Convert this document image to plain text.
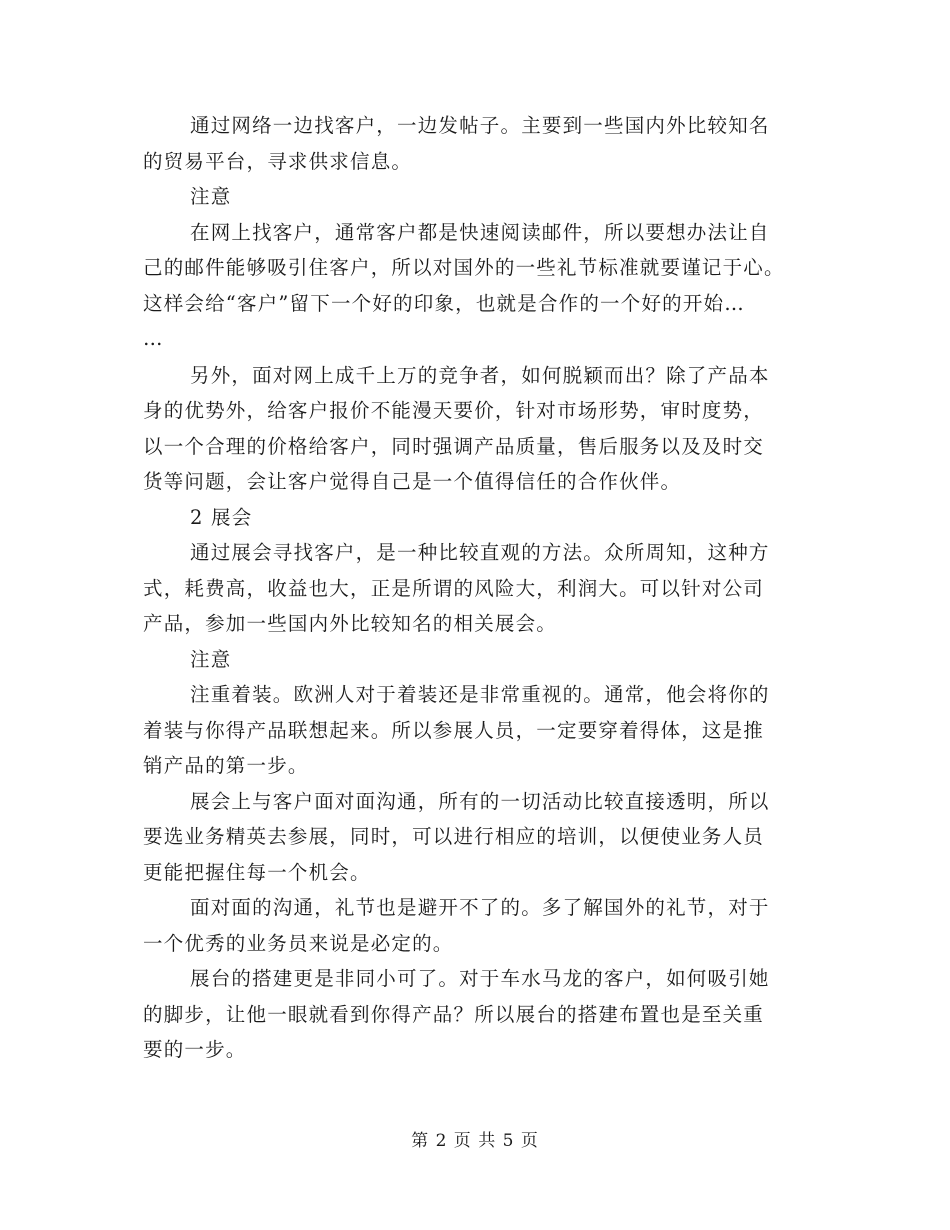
通过网络一边找客户，一边发帖子。主要到一些国内外比较知名
的贸易平台，寻求供求信息。
注意
在网上找客户，通常客户都是快速阅读邮件，所以要想办法让自
己的邮件能够吸引住客户，所以对国外的一些礼节标准就要谨记于心。
这样会给“客户”留下一个好的印象，也就是合作的一个好的开始…
…
另外，面对网上成千上万的竞争者，如何脱颖而出？除了产品本
身的优势外，给客户报价不能漫天要价，针对市场形势，审时度势，
以一个合理的价格给客户，同时强调产品质量，售后服务以及及时交
货等问题，会让客户觉得自己是一个值得信任的合作伙伴。
2 展会
通过展会寻找客户，是一种比较直观的方法。众所周知，这种方
式，耗费高，收益也大，正是所谓的风险大，利润大。可以针对公司
产品，参加一些国内外比较知名的相关展会。
注意
注重着装。欧洲人对于着装还是非常重视的。通常，他会将你的
着装与你得产品联想起来。所以参展人员，一定要穿着得体，这是推
销产品的第一步。
展会上与客户面对面沟通，所有的一切活动比较直接透明，所以
要选业务精英去参展，同时，可以进行相应的培训，以便使业务人员
更能把握住每一个机会。
面对面的沟通，礼节也是避开不了的。多了解国外的礼节，对于
一个优秀的业务员来说是必定的。
展台的搭建更是非同小可了。对于车水马龙的客户，如何吸引她
的脚步，让他一眼就看到你得产品？所以展台的搭建布置也是至关重
要的一步。
第 2 页 共 5 页
